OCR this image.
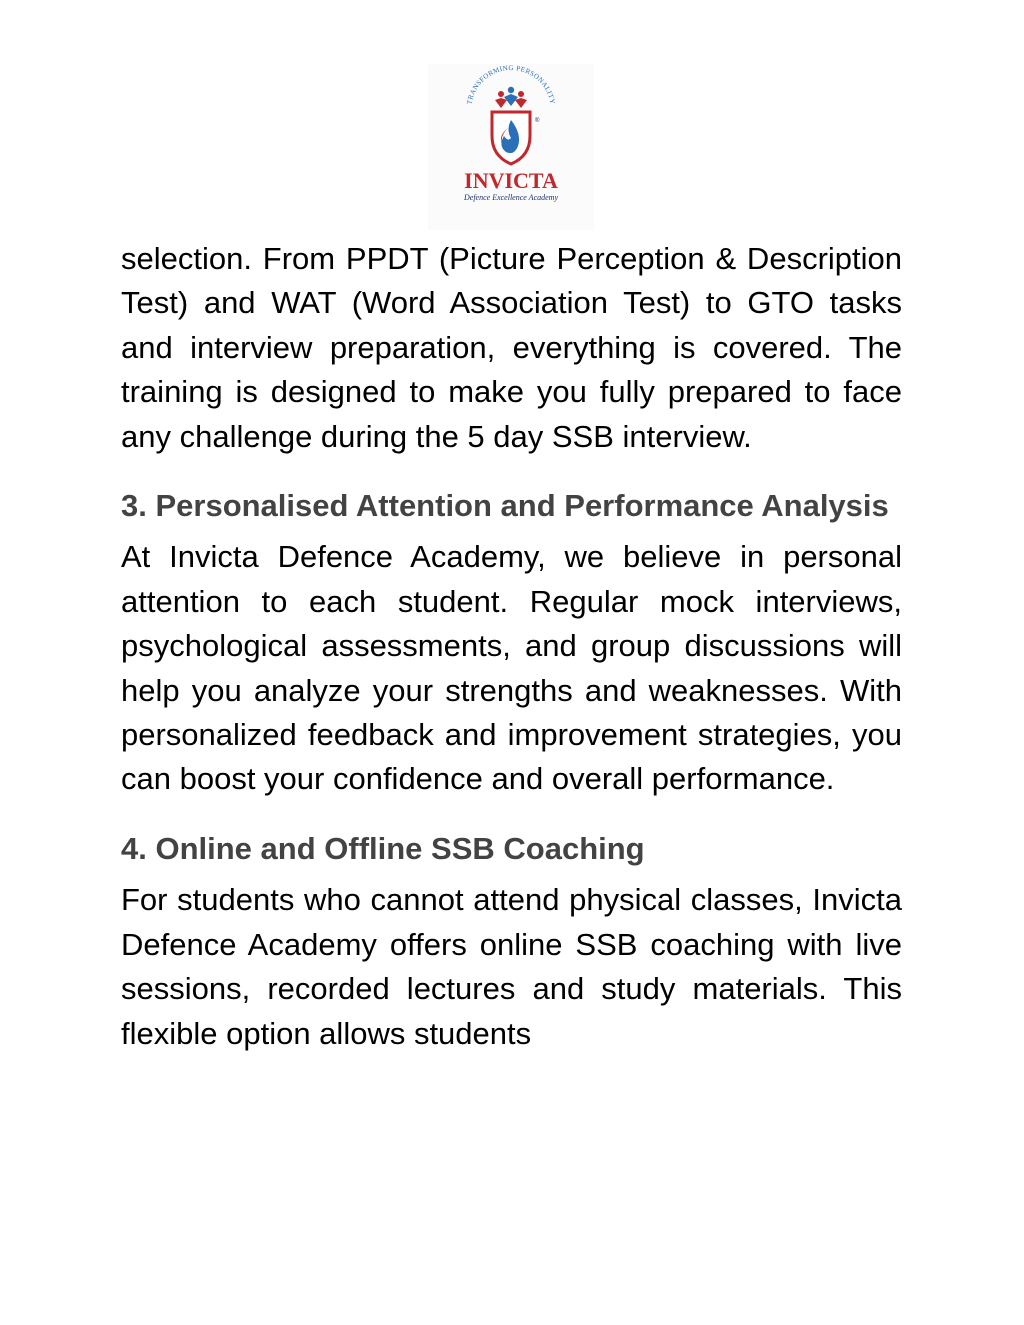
TRANSFORMING PERSONALITY
®
INVICTA
Defence Excellence Academy

selection. From PPDT (Picture Perception & Description Test) and WAT (Word Association Test) to GTO tasks and interview preparation, everything is covered. The training is designed to make you fully prepared to face any challenge during the 5 day SSB interview.

3. Personalised Attention and Performance Analysis

At Invicta Defence Academy, we believe in personal attention to each student. Regular mock interviews, psychological assessments, and group discussions will help you analyze your strengths and weaknesses. With personalized feedback and improvement strategies, you can boost your confidence and overall performance.

4. Online and Offline SSB Coaching

For students who cannot attend physical classes, Invicta Defence Academy offers online SSB coaching with live sessions, recorded lectures and study materials. This flexible option allows students
